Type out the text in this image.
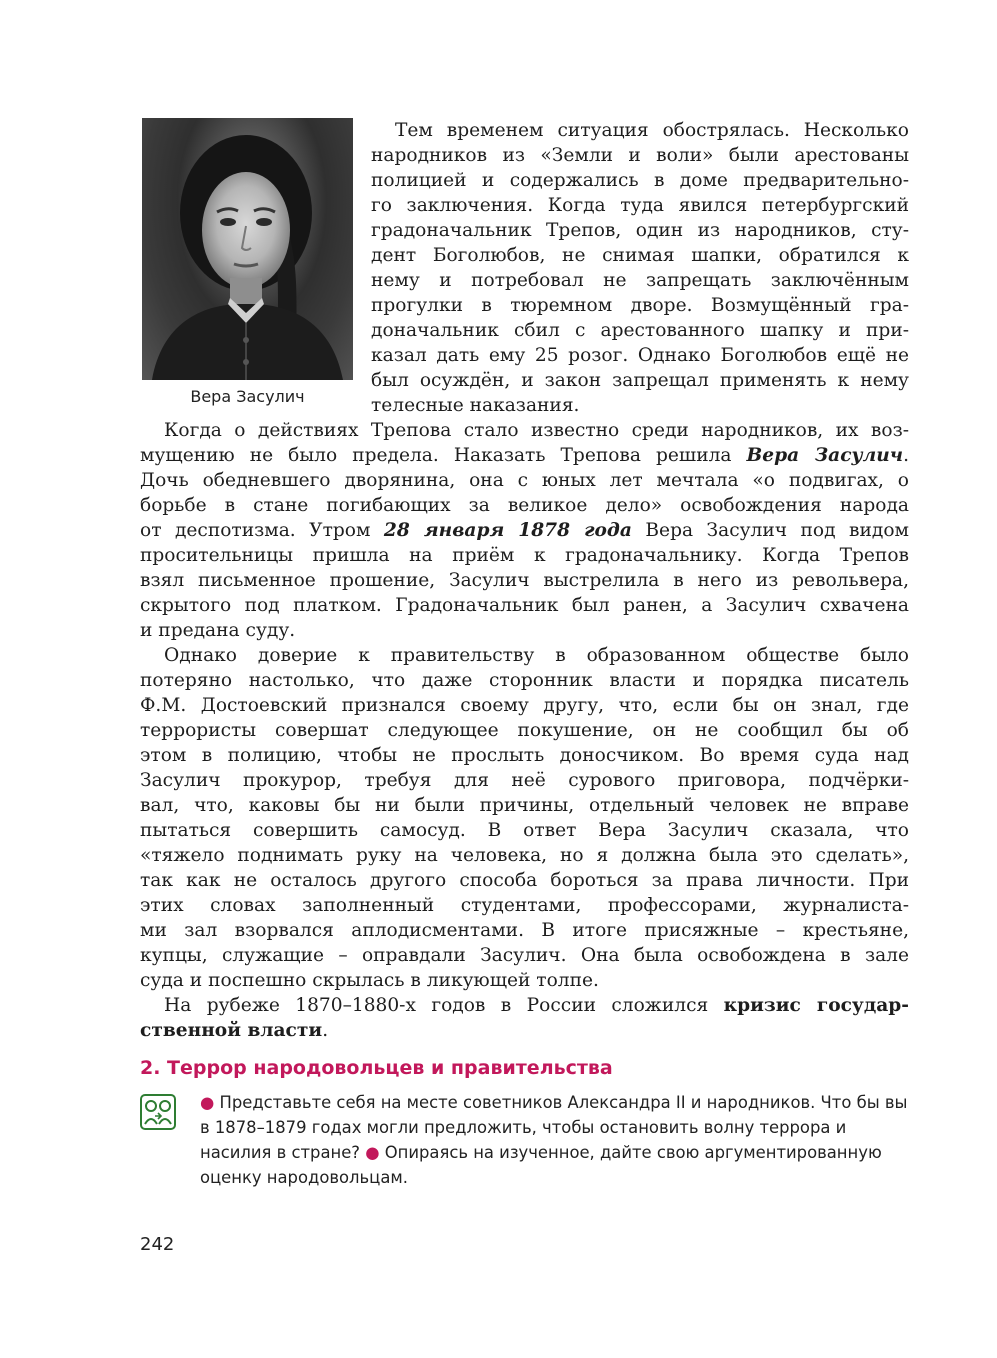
Вера Засулич
Тем временем ситуация обострялась. Несколько
народников из «Земли и воли» были арестованы
полицией и содержались в доме предварительно-
го заключения. Когда туда явился петербургский
градоначальник Трепов, один из народников, сту-
дент Боголюбов, не снимая шапки, обратился к
нему и потребовал не запрещать заключённым
прогулки в тюремном дворе. Возмущённый гра-
доначальник сбил с арестованного шапку и при-
казал дать ему 25 розог. Однако Боголюбов ещё не
был осуждён, и закон запрещал применять к нему
телесные наказания.
Когда о действиях Трепова стало известно среди народников, их воз-
мущению не было предела. Наказать Трепова решила Вера Засулич.
Дочь обедневшего дворянина, она с юных лет мечтала «о подвигах, о
борьбе в стане погибающих за великое дело» освобождения народа
от деспотизма. Утром 28 января 1878 года Вера Засулич под видом
просительницы пришла на приём к градоначальнику. Когда Трепов
взял письменное прошение, Засулич выстрелила в него из револьвера,
скрытого под платком. Градоначальник был ранен, а Засулич схвачена
и предана суду.
Однако доверие к правительству в образованном обществе было
потеряно настолько, что даже сторонник власти и порядка писатель
Ф.М. Достоевский признался своему другу, что, если бы он знал, где
террористы совершат следующее покушение, он не сообщил бы об
этом в полицию, чтобы не прослыть доносчиком. Во время суда над
Засулич прокурор, требуя для неё сурового приговора, подчёрки-
вал, что, каковы бы ни были причины, отдельный человек не вправе
пытаться совершить самосуд. В ответ Вера Засулич сказала, что
«тяжело поднимать руку на человека, но я должна была это сделать»,
так как не осталось другого способа бороться за права личности. При
этих словах заполненный студентами, профессорами, журналиста-
ми зал взорвался аплодисментами. В итоге присяжные – крестьяне,
купцы, служащие – оправдали Засулич. Она была освобождена в зале
суда и поспешно скрылась в ликующей толпе.
На рубеже 1870–1880-х годов в России сложился кризис государ-
ственной власти.
2. Террор народовольцев и правительства

● Представьте себя на месте советников Александра II и народников. Что бы вы в 1878–1879 годах могли предложить, чтобы остановить волну террора и насилия в стране? ● Опираясь на изученное, дайте свою аргументированную оценку народовольцам.

242
